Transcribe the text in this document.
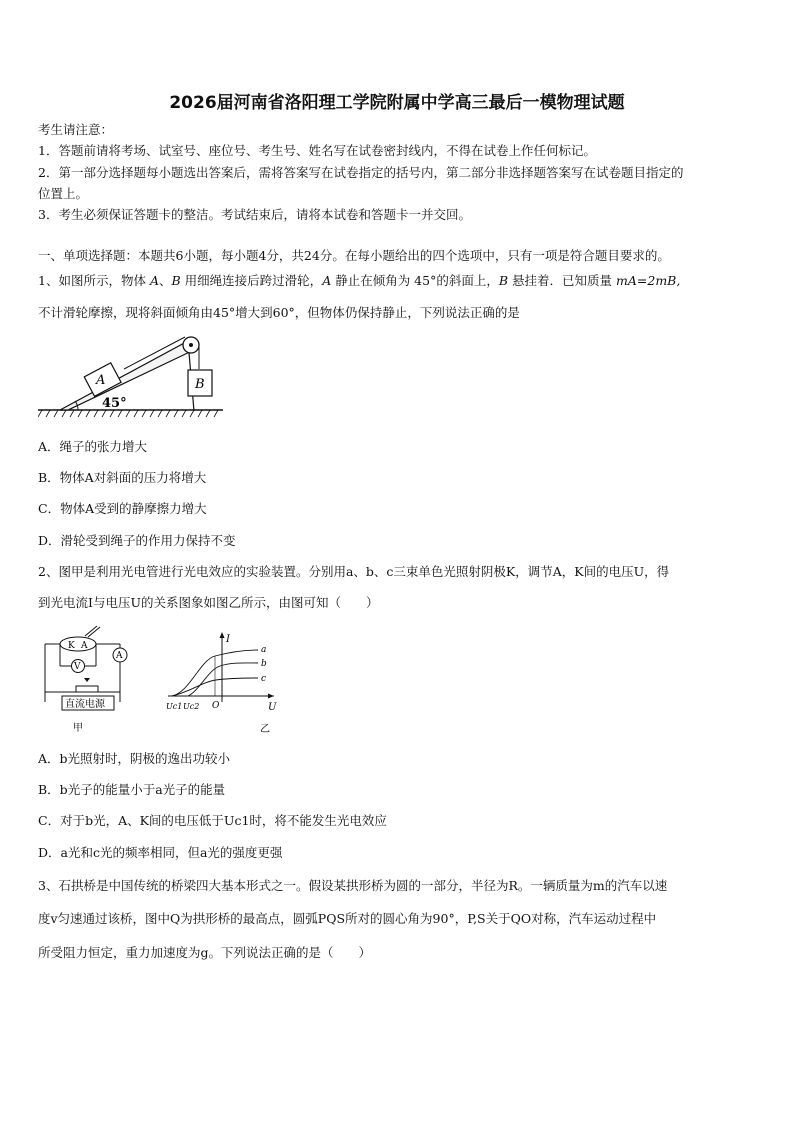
2026届河南省洛阳理工学院附属中学高三最后一模物理试题
考生请注意：
1．答题前请将考场、试室号、座位号、考生号、姓名写在试卷密封线内，不得在试卷上作任何标记。
2．第一部分选择题每小题选出答案后，需将答案写在试卷指定的括号内，第二部分非选择题答案写在试卷题目指定的
位置上。
3．考生必须保证答题卡的整洁。考试结束后，请将本试卷和答题卡一并交回。
一、单项选择题：本题共6小题，每小题4分，共24分。在每小题给出的四个选项中，只有一项是符合题目要求的。
1、如图所示，物体 A、B 用细绳连接后跨过滑轮，A 静止在倾角为 45°的斜面上，B 悬挂着．已知质量 mA=2mB,
不计滑轮摩擦，现将斜面倾角由45°增大到60°，但物体仍保持静止，下列说法正确的是
A	B
45°
A．绳子的张力增大
B．物体A对斜面的压力将增大
C．物体A受到的静摩擦力增大
D．滑轮受到绳子的作用力保持不变
2、图甲是利用光电管进行光电效应的实验装置。分别用a、b、c三束单色光照射阴极K，调节A，K间的电压U，得
到光电流I与电压U的关系图象如图乙所示，由图可知（　　）
K A
A
V
直流电源
甲
I
U
O
a
b
c
Uc1 Uc2
乙
A．b光照射时，阴极的逸出功较小
B．b光子的能量小于a光子的能量
C．对于b光，A、K间的电压低于Uc1时，将不能发生光电效应
D．a光和c光的频率相同，但a光的强度更强
3、石拱桥是中国传统的桥梁四大基本形式之一。假设某拱形桥为圆的一部分，半径为R。一辆质量为m的汽车以速
度v匀速通过该桥，图中Q为拱形桥的最高点，圆弧PQS所对的圆心角为90°，P,S关于QO对称，汽车运动过程中
所受阻力恒定，重力加速度为g。下列说法正确的是（　　）
